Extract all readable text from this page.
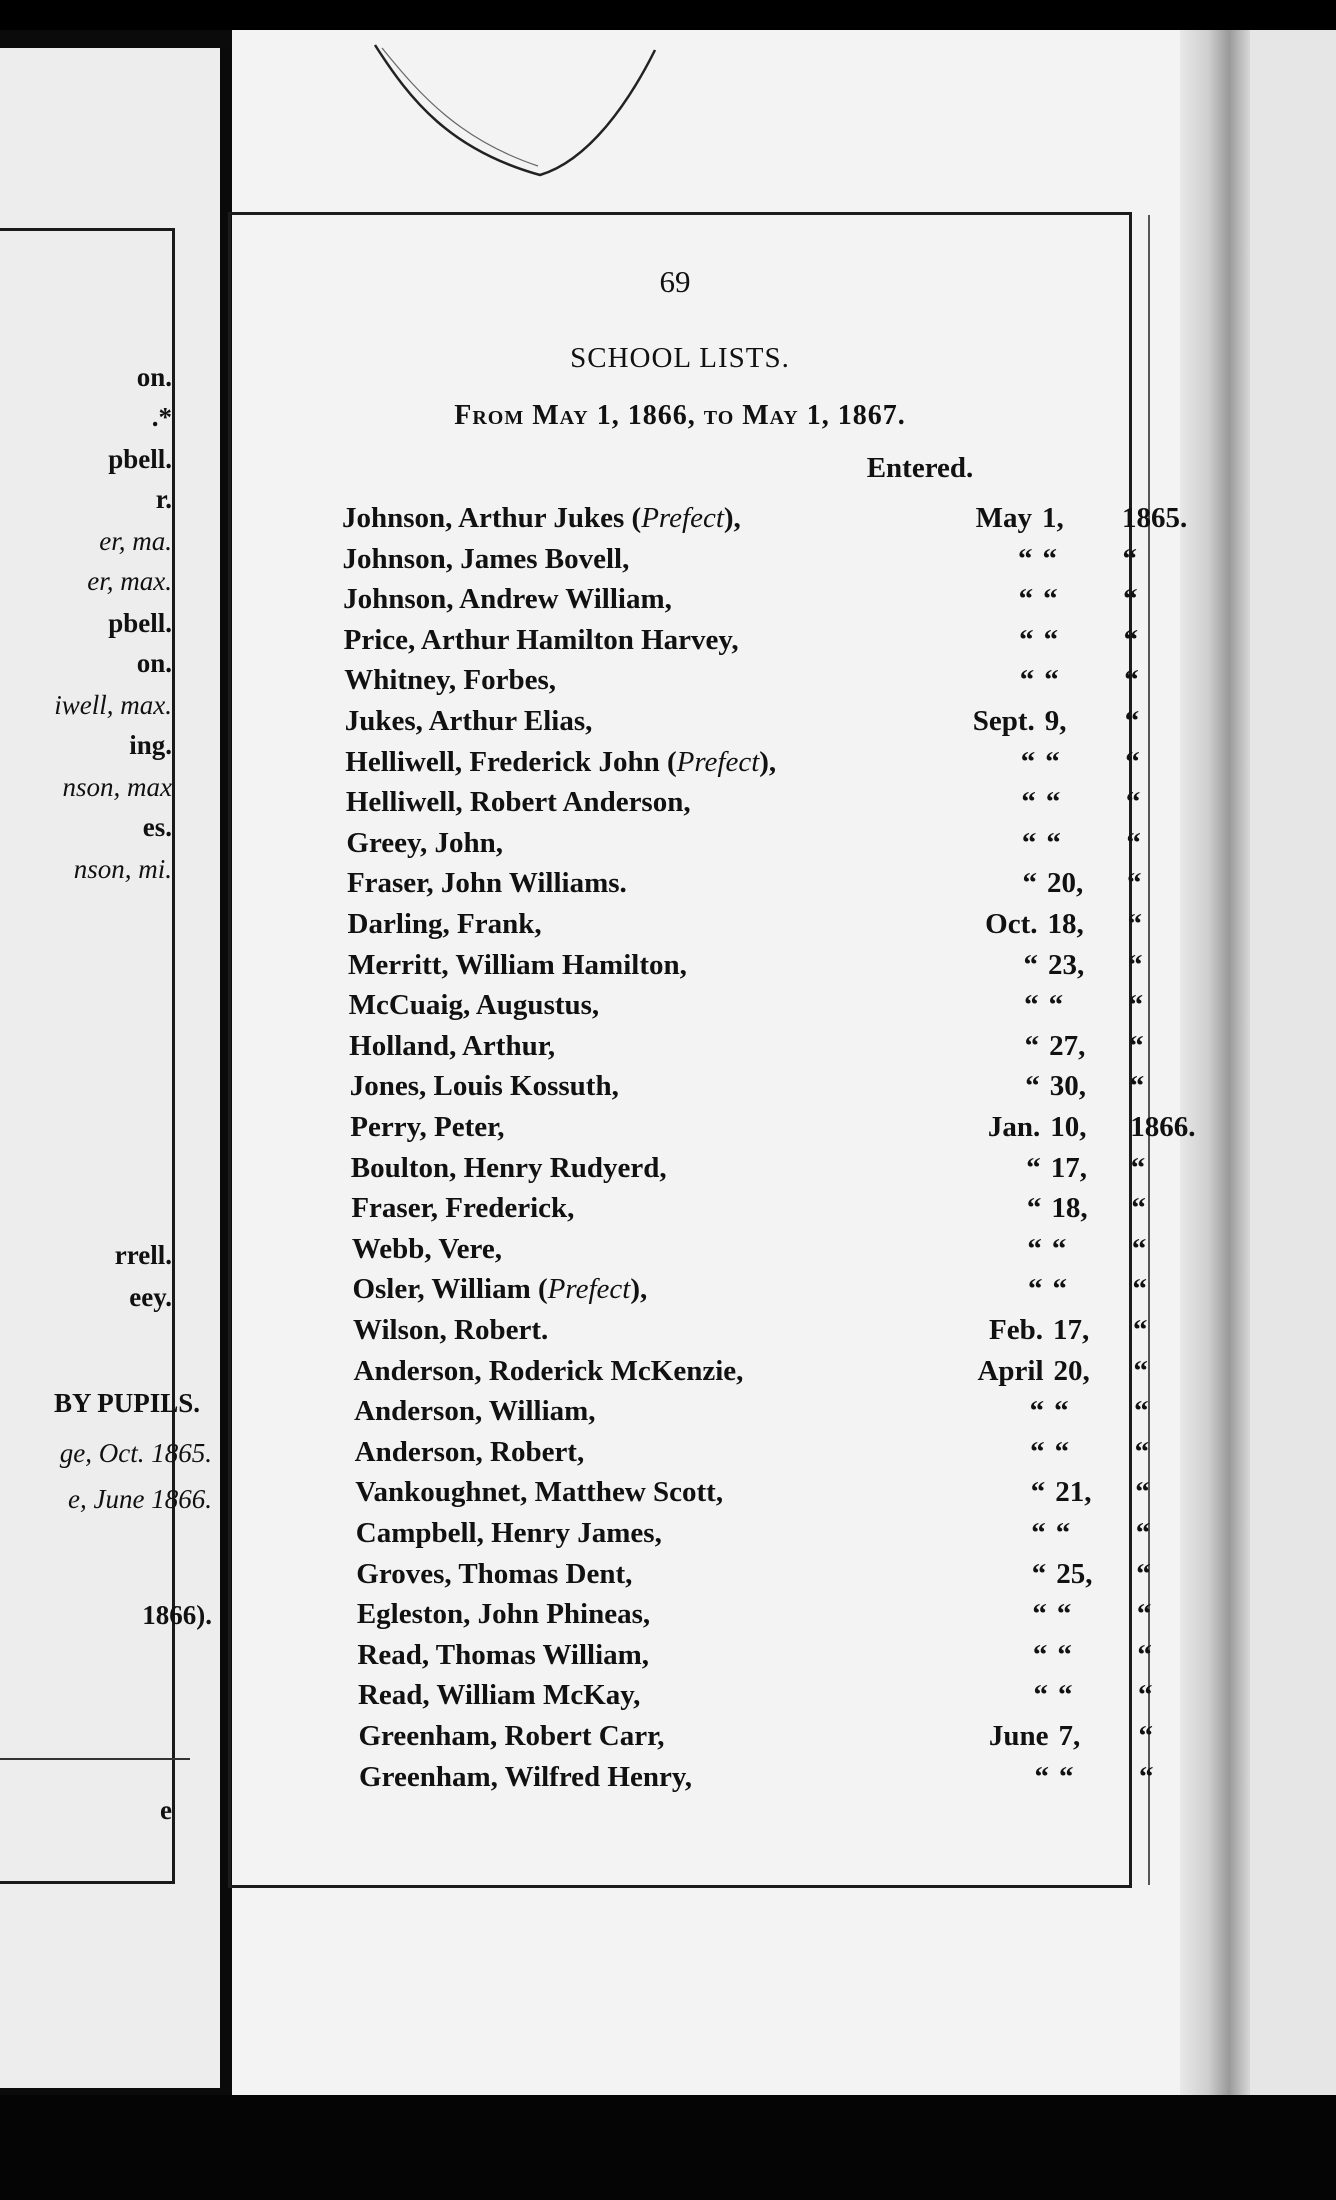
on.
.*
pbell.
r.
er, ma.
er, max.
pbell.
on.
iwell, max.
ing.
nson, max
es.
nson, mi.
rrell.
eey.
BY PUPILS.
ge, Oct. 1865.
e, June 1866.
1866).
e
69
SCHOOL LISTS.
From May 1, 1866, to May 1, 1867.
Entered.
Johnson, Arthur Jukes (Prefect),	May 1,	1865.
Johnson, James Bovell,	“ “	“
Johnson, Andrew William,	“ “	“
Price, Arthur Hamilton Harvey,	“ “	“
Whitney, Forbes,	“ “	“
Jukes, Arthur Elias,	Sept. 9,	“
Helliwell, Frederick John (Prefect),	“ “	“
Helliwell, Robert Anderson,	“ “	“
Greey, John,	“ “	“
Fraser, John Williams.	“ 20,	“
Darling, Frank,	Oct. 18,	“
Merritt, William Hamilton,	“ 23,	“
McCuaig, Augustus,	“ “	“
Holland, Arthur,	“ 27,	“
Jones, Louis Kossuth,	“ 30,	“
Perry, Peter,	Jan. 10,	1866.
Boulton, Henry Rudyerd,	“ 17,	“
Fraser, Frederick,	“ 18,	“
Webb, Vere,	“ “	“
Osler, William (Prefect),	“ “	“
Wilson, Robert.	Feb. 17,	“
Anderson, Roderick McKenzie,	April 20,	“
Anderson, William,	“ “	“
Anderson, Robert,	“ “	“
Vankoughnet, Matthew Scott,	“ 21,	“
Campbell, Henry James,	“ “	“
Groves, Thomas Dent,	“ 25,	“
Egleston, John Phineas,	“ “	“
Read, Thomas William,	“ “	“
Read, William McKay,	“ “	“
Greenham, Robert Carr,	June 7,	“
Greenham, Wilfred Henry,	“ “	“
